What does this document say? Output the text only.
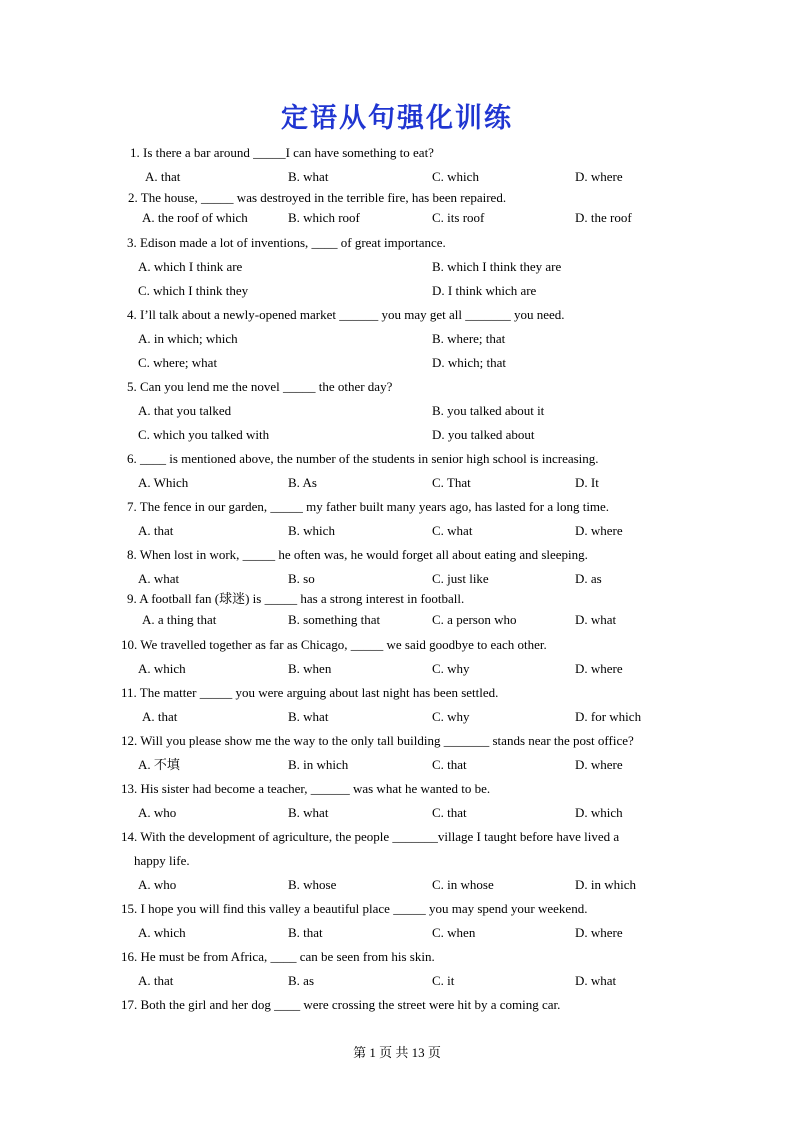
定语从句强化训练
1. Is there a bar around _____I can have something to eat?
A. that	B. what	C. which	D. where
2. The house, _____ was destroyed in the terrible fire, has been repaired.
A. the roof of which	B. which roof	C. its roof	D. the roof
3. Edison made a lot of inventions, ____ of great importance.
A. which I think are	B. which I think they are
C. which I think they	D. I think which are
4. I’ll talk about a newly-opened market ______ you may get all _______ you need.
A. in which; which	B. where; that
C. where; what	D. which; that
5. Can you lend me the novel _____ the other day?
A. that you talked	B. you talked about it
C. which you talked with	D. you talked about
6. ____ is mentioned above, the number of the students in senior high school is increasing.
A. Which	B. As	C. That	D. It
7. The fence in our garden, _____ my father built many years ago, has lasted for a long time.
A. that	B. which	C. what	D. where
8. When lost in work, _____ he often was, he would forget all about eating and sleeping.
A. what	B. so	C. just like	D. as
9. A football fan (球迷) is _____ has a strong interest in football.
A. a thing that	B. something that	C. a person who	D. what
10. We travelled together as far as Chicago, _____ we said goodbye to each other.
A. which	B. when	C. why	D. where
11. The matter _____ you were arguing about last night has been settled.
A. that	B. what	C. why	D. for which
12. Will you please show me the way to the only tall building _______ stands near the post office?
A. 不填	B. in which	C. that	D. where
13. His sister had become a teacher, ______ was what he wanted to be.
A. who	B. what	C. that	D. which
14. With the development of agriculture, the people _______village I taught before have lived a
happy life.
A. who	B. whose	C. in whose	D. in which
15. I hope you will find this valley a beautiful place _____ you may spend your weekend.
A. which	B. that	C. when	D. where
16. He must be from Africa, ____ can be seen from his skin.
A. that	B. as	C. it	D. what
17. Both the girl and her dog ____ were crossing the street were hit by a coming car.
第 1 页 共 13 页
